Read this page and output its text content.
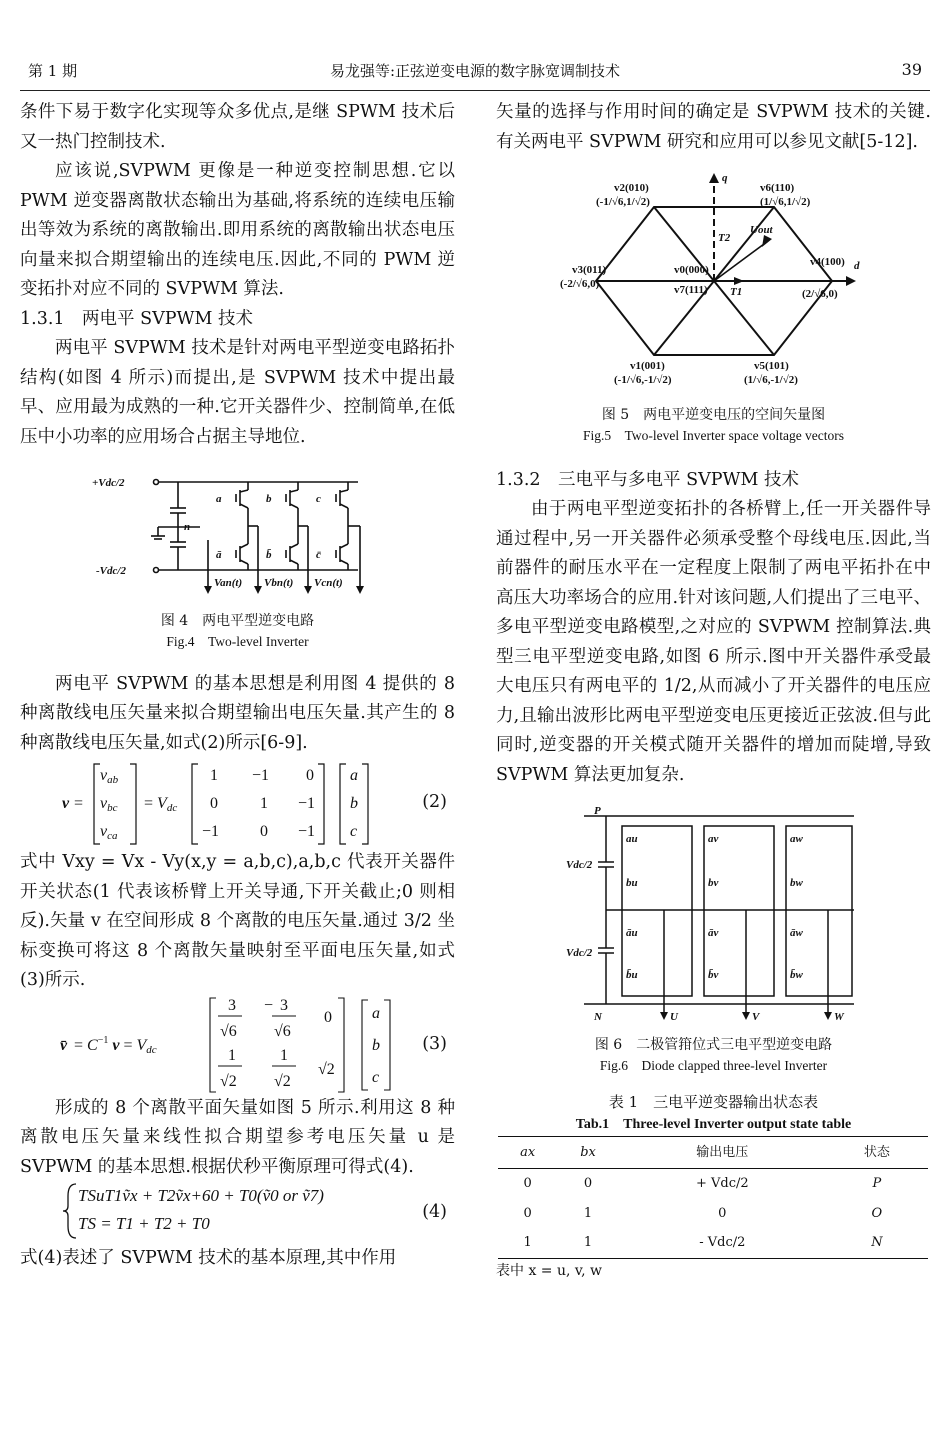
第 1 期	易龙强等:正弦逆变电源的数字脉宽调制技术	39

条件下易于数字化实现等众多优点,是继 SPWM 技术后又一热门控制技术.

应该说,SVPWM 更像是一种逆变控制思想.它以 PWM 逆变器离散状态输出为基础,将系统的连续电压输出等效为系统的离散输出.即用系统的离散输出状态电压向量来拟合期望输出的连续电压.因此,不同的 PWM 逆变拓扑对应不同的 SVPWM 算法.

1.3.1　两电平 SVPWM 技术

两电平 SVPWM 技术是针对两电平型逆变电路拓扑结构(如图 4 所示)而提出,是 SVPWM 技术中提出最早、应用最为成熟的一种.它开关器件少、控制简单,在低压中小功率的应用场合占据主导地位.

+Vdc/2
-Vdc/2
n
a	b	c
ā	b̄	c̄
Van(t) Vbn(t) Vcn(t)
图 4　两电平型逆变电路
Fig.4　Two-level Inverter

两电平 SVPWM 的基本思想是利用图 4 提供的 8 种离散线电压矢量来拟合期望输出电压矢量.其产生的 8 种离散线电压矢量,如式(2)所示[6-9].

v =
νab
νbc
νca
= Vdc
1 −1 0
0	1 −1
−1	0 −1
a
b
c
(2)

式中 Vxy = Vx - Vy(x,y = a,b,c),a,b,c 代表开关器件开关状态(1 代表该桥臂上开关导通,下开关截止;0 则相反).矢量 v 在空间形成 8 个离散的电压矢量.通过 3/2 坐标变换可将这 8 个离散矢量映射至平面电压矢量,如式(3)所示.

v̄ = $C^{-1}$ v = Vdc
3
√6
− 3
√6
0
1
√2
1
√2
√2
a
b
c
(3)

形成的 8 个离散平面矢量如图 5 所示.利用这 8 种离散电压矢量来线性拟合期望参考电压矢量 u 是 SVPWM 的基本思想.根据伏秒平衡原理可得式(4).

TSuT1ṽx + T2ṽx+60 + T0(ṽ0 or ṽ7)
TS = T1 + T2 + T0
(4)

式(4)表述了 SVPWM 技术的基本原理,其中作用

矢量的选择与作用时间的确定是 SVPWM 技术的关键.有关两电平 SVPWM 研究和应用可以参见文献[5-12].

q
d
v2(010)
(-1/√6,1/√2)
v6(110)
(1/√6,1/√2)
v3(011)
(-2/√6,0)
v4(100)
(2/√6,0)
v0(000)
v7(111)
v1(001)
(-1/√6,-1/√2)
v5(101)
(1/√6,-1/√2)
T1
T2
Uout
图 5　两电平逆变电压的空间矢量图
Fig.5　Two-level Inverter space voltage vectors

1.3.2　三电平与多电平 SVPWM 技术

由于两电平型逆变拓扑的各桥臂上,任一开关器件导通过程中,另一开关器件必须承受整个母线电压.因此,当前器件的耐压水平在一定程度上限制了两电平拓扑在中高压大功率场合的应用.针对该问题,人们提出了三电平、多电平型逆变电路模型,之对应的 SVPWM 控制算法.典型三电平型逆变电路,如图 6 所示.图中开关器件承受最大电压只有两电平的 1/2,从而减小了开关器件的电压应力,且输出波形比两电平型逆变电压更接近正弦波.但与此同时,逆变器的开关模式随开关器件的增加而陡增,导致 SVPWM 算法更加复杂.

P
N
Vdc/2
Vdc/2
U	V	W
au
bu
āu
b̄u
av
bv
āv
b̄v
aw
bw
āw
b̄w
图 6　二极管箝位式三电平型逆变电路
Fig.6　Diode clapped three-level Inverter
表 1　三电平逆变器输出状态表
Tab.1　Three-level Inverter output state table
ax	bx	输出电压	状态
0	0	+ Vdc/2	P
0	1	0	O
1	1	- Vdc/2	N
表中 x = u, v, w
